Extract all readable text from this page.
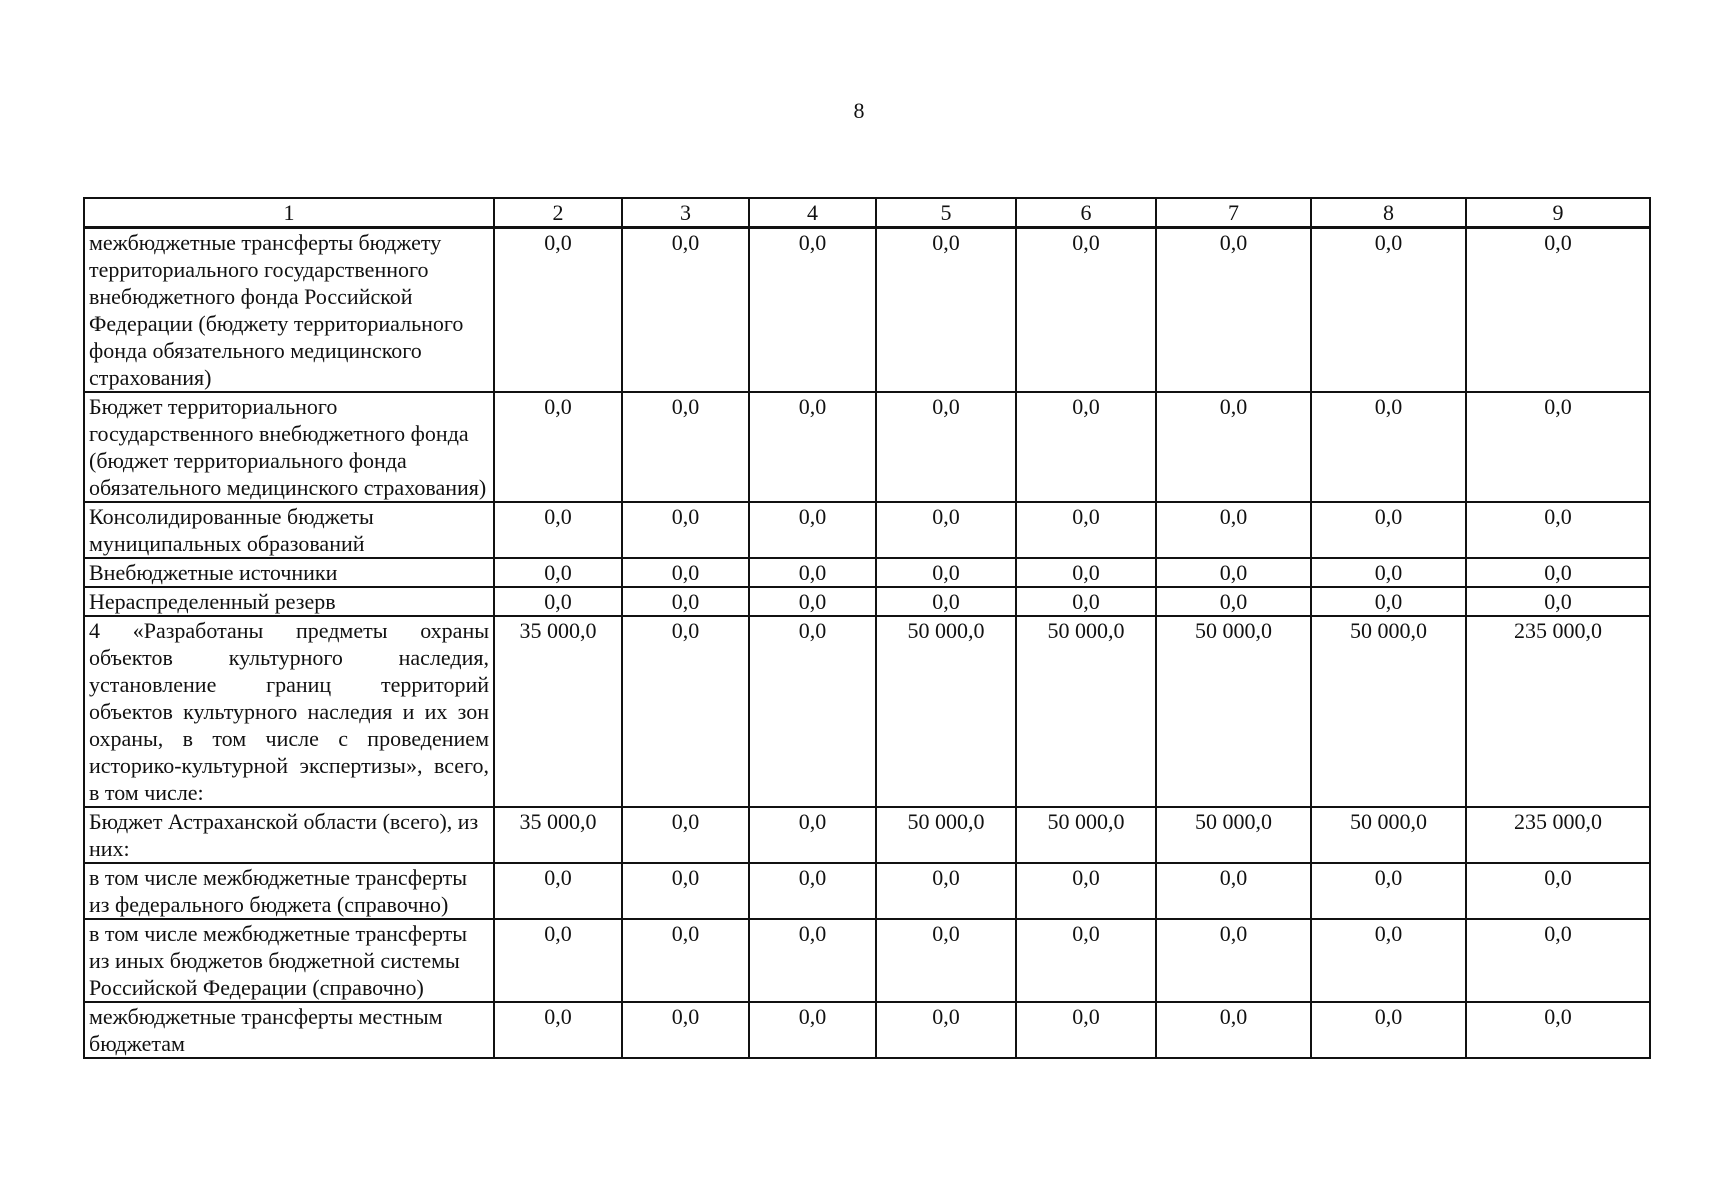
8
1	2	3	4	5	6	7	8	9
межбюджетные трансферты бюджету территориального государственного внебюджетного фонда Российской Федерации (бюджету территориального фонда обязательного медицинского страхования)	0,0	0,0	0,0	0,0	0,0	0,0	0,0	0,0
Бюджет территориального государственного внебюджетного фонда (бюджет территориального фонда обязательного медицинского страхования)	0,0	0,0	0,0	0,0	0,0	0,0	0,0	0,0
Консолидированные бюджеты муниципальных образований	0,0	0,0	0,0	0,0	0,0	0,0	0,0	0,0
Внебюджетные источники	0,0	0,0	0,0	0,0	0,0	0,0	0,0	0,0
Нераспределенный резерв	0,0	0,0	0,0	0,0	0,0	0,0	0,0	0,0
4 «Разработаны предметы охраны объектов культурного наследия, установление границ территорий объектов культурного наследия и их зон охраны, в том числе с проведением историко-культурной экспертизы», всего, в том числе:	35 000,0	0,0	0,0	50 000,0	50 000,0	50 000,0	50 000,0	235 000,0
Бюджет Астраханской области (всего), из них:	35 000,0	0,0	0,0	50 000,0	50 000,0	50 000,0	50 000,0	235 000,0
в том числе межбюджетные трансферты из федерального бюджета (справочно)	0,0	0,0	0,0	0,0	0,0	0,0	0,0	0,0
в том числе межбюджетные трансферты из иных бюджетов бюджетной системы Российской Федерации (справочно)	0,0	0,0	0,0	0,0	0,0	0,0	0,0	0,0
межбюджетные трансферты местным бюджетам	0,0	0,0	0,0	0,0	0,0	0,0	0,0	0,0
